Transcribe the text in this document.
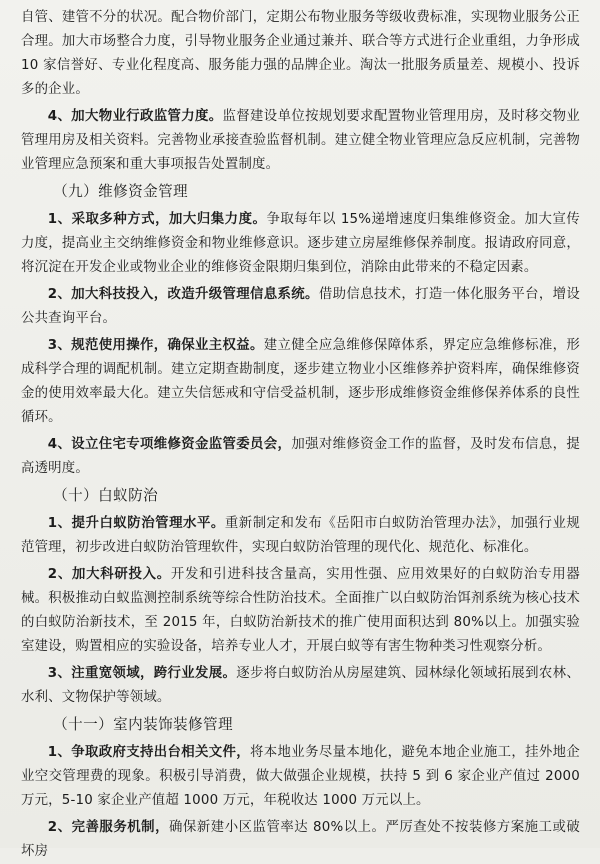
自管、建管不分的状况。配合物价部门，定期公布物业服务等级收费标准，实现物业服务公正合理。加大市场整合力度，引导物业服务企业通过兼并、联合等方式进行企业重组，力争形成 10 家信誉好、专业化程度高、服务能力强的品牌企业。淘汰一批服务质量差、规模小、投诉多的企业。

4、加大物业行政监管力度。监督建设单位按规划要求配置物业管理用房，及时移交物业管理用房及相关资料。完善物业承接查验监督机制。建立健全物业管理应急反应机制，完善物业管理应急预案和重大事项报告处置制度。

（九）维修资金管理

1、采取多种方式，加大归集力度。争取每年以 15%递增速度归集维修资金。加大宣传力度，提高业主交纳维修资金和物业维修意识。逐步建立房屋维修保养制度。报请政府同意，将沉淀在开发企业或物业企业的维修资金限期归集到位，消除由此带来的不稳定因素。

2、加大科技投入，改造升级管理信息系统。借助信息技术，打造一体化服务平台，增设公共查询平台。

3、规范使用操作，确保业主权益。建立健全应急维修保障体系，界定应急维修标准，形成科学合理的调配机制。建立定期查勘制度，逐步建立物业小区维修养护资料库，确保维修资金的使用效率最大化。建立失信惩戒和守信受益机制，逐步形成维修资金维修保养体系的良性循环。

4、设立住宅专项维修资金监管委员会，加强对维修资金工作的监督，及时发布信息，提高透明度。

（十）白蚁防治

1、提升白蚁防治管理水平。重新制定和发布《岳阳市白蚁防治管理办法》，加强行业规范管理，初步改进白蚁防治管理软件，实现白蚁防治管理的现代化、规范化、标准化。

2、加大科研投入。开发和引进科技含量高，实用性强、应用效果好的白蚁防治专用器械。积极推动白蚁监测控制系统等综合性防治技术。全面推广以白蚁防治饵剂系统为核心技术的白蚁防治新技术，至 2015 年，白蚁防治新技术的推广使用面积达到 80%以上。加强实验室建设，购置相应的实验设备，培养专业人才，开展白蚁等有害生物种类习性观察分析。

3、注重宽领域，跨行业发展。逐步将白蚁防治从房屋建筑、园林绿化领域拓展到农林、水利、文物保护等领域。

（十一）室内装饰装修管理

1、争取政府支持出台相关文件，将本地业务尽量本地化，避免本地企业施工，挂外地企业空交管理费的现象。积极引导消费，做大做强企业规模，扶持 5 到 6 家企业产值过 2000 万元，5-10 家企业产值超 1000 万元，年税收达 1000 万元以上。

2、完善服务机制，确保新建小区监管率达 80%以上。严厉查处不按装修方案施工或破坏房
